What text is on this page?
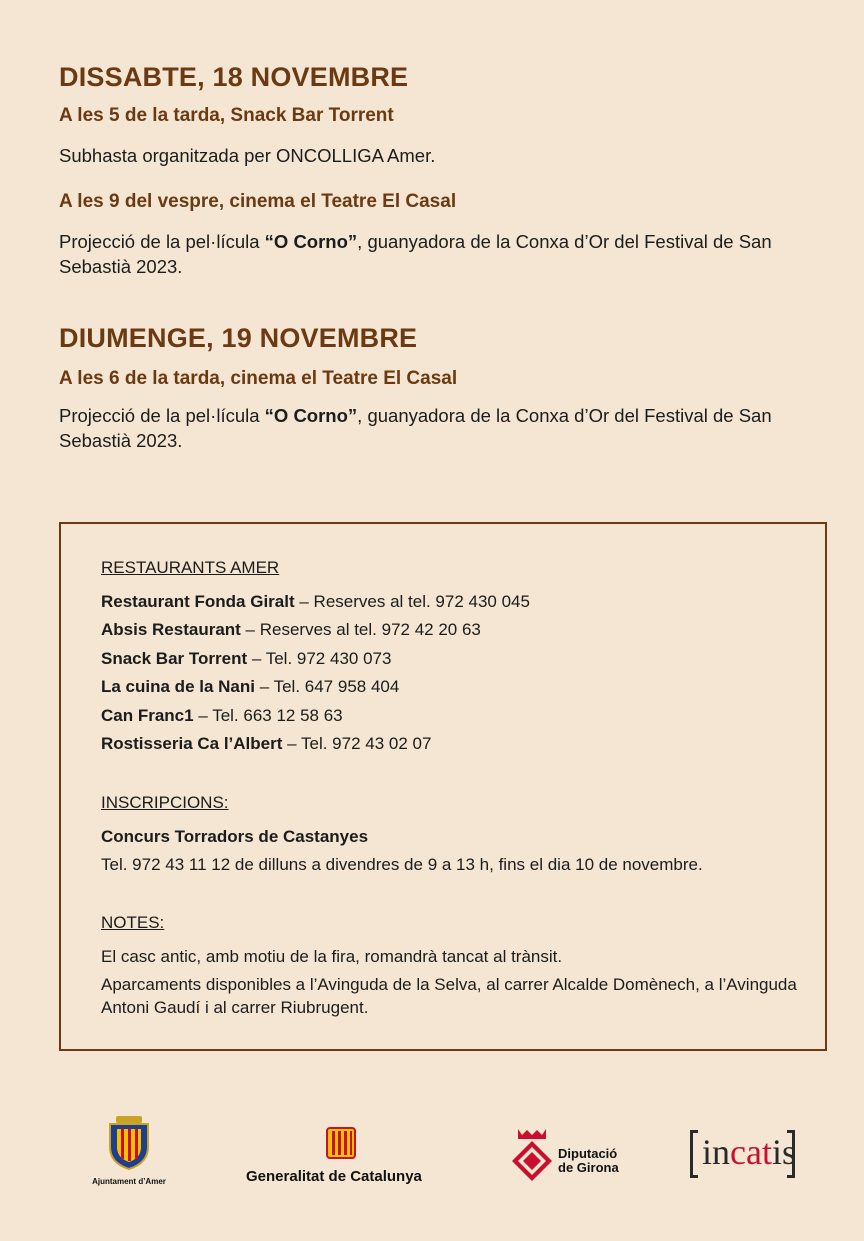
DISSABTE, 18 NOVEMBRE
A les 5 de la tarda, Snack Bar Torrent

Subhasta organitzada per ONCOLLIGA Amer.

A les 9 del vespre, cinema el Teatre El Casal

Projecció de la pel·lícula “O Corno”, guanyadora de la Conxa d’Or del Festival de San Sebastià 2023.

DIUMENGE, 19 NOVEMBRE
A les 6 de la tarda, cinema el Teatre El Casal

Projecció de la pel·lícula “O Corno”, guanyadora de la Conxa d’Or del Festival de San Sebastià 2023.

RESTAURANTS AMER

Restaurant Fonda Giralt – Reserves al tel. 972 430 045

Absis Restaurant – Reserves al tel. 972 42 20 63

Snack Bar Torrent – Tel. 972 430 073

La cuina de la Nani – Tel. 647 958 404

Can Franc1 – Tel. 663 12 58 63

Rostisseria Ca l’Albert – Tel. 972 43 02 07

INSCRIPCIONS:

Concurs Torradors de Castanyes

Tel. 972 43 11 12 de dilluns a divendres de 9 a 13 h, fins el dia 10 de novembre.

NOTES:

El casc antic, amb motiu de la fira, romandrà tancat al trànsit.

Aparcaments disponibles a l’Avinguda de la Selva, al carrer Alcalde Domènech, a l’Avinguda Antoni Gaudí i al carrer Riubrugent.

Ajuntament d’Amer	Generalitat de Catalunya
Diputació
de Girona incatis
